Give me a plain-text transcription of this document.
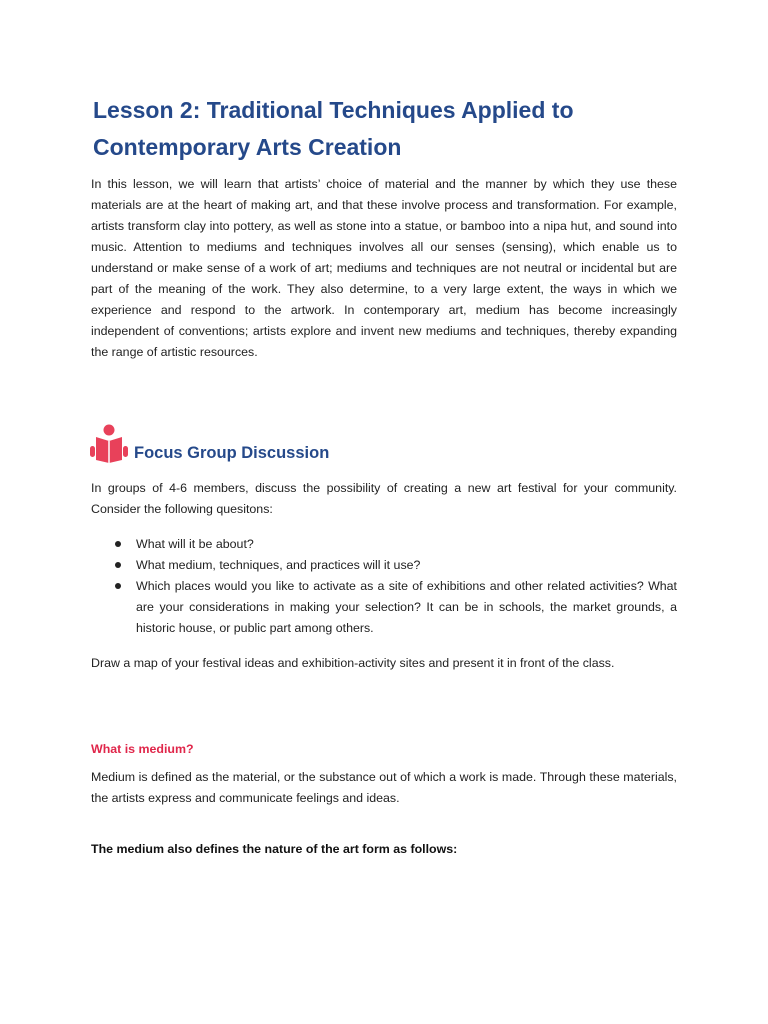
Lesson 2: Traditional Techniques Applied to
Contemporary Arts Creation

In this lesson, we will learn that artists’ choice of material and the manner by which they use these materials are at the heart of making art, and that these involve process and transformation. For example, artists transform clay into pottery, as well as stone into a statue, or bamboo into a nipa hut, and sound into music. Attention to mediums and techniques involves all our senses (sensing), which enable us to understand or make sense of a work of art; mediums and techniques are not neutral or incidental but are part of the meaning of the work. They also determine, to a very large extent, the ways in which we experience and respond to the artwork. In contemporary art, medium has become increasingly independent of conventions; artists explore and invent new mediums and techniques, thereby expanding the range of artistic resources.

Focus Group Discussion

In groups of 4-6 members, discuss the possibility of creating a new art festival for your community. Consider the following quesitons:

What will it be about?
What medium, techniques, and practices will it use?
Which places would you like to activate as a site of exhibitions and other related activities? What are your considerations in making your selection? It can be in schools, the market grounds, a historic house, or public part among others.

Draw a map of your festival ideas and exhibition-activity sites and present it in front of the class.

What is medium?

Medium is defined as the material, or the substance out of which a work is made. Through these materials, the artists express and communicate feelings and ideas.

The medium also defines the nature of the art form as follows:
